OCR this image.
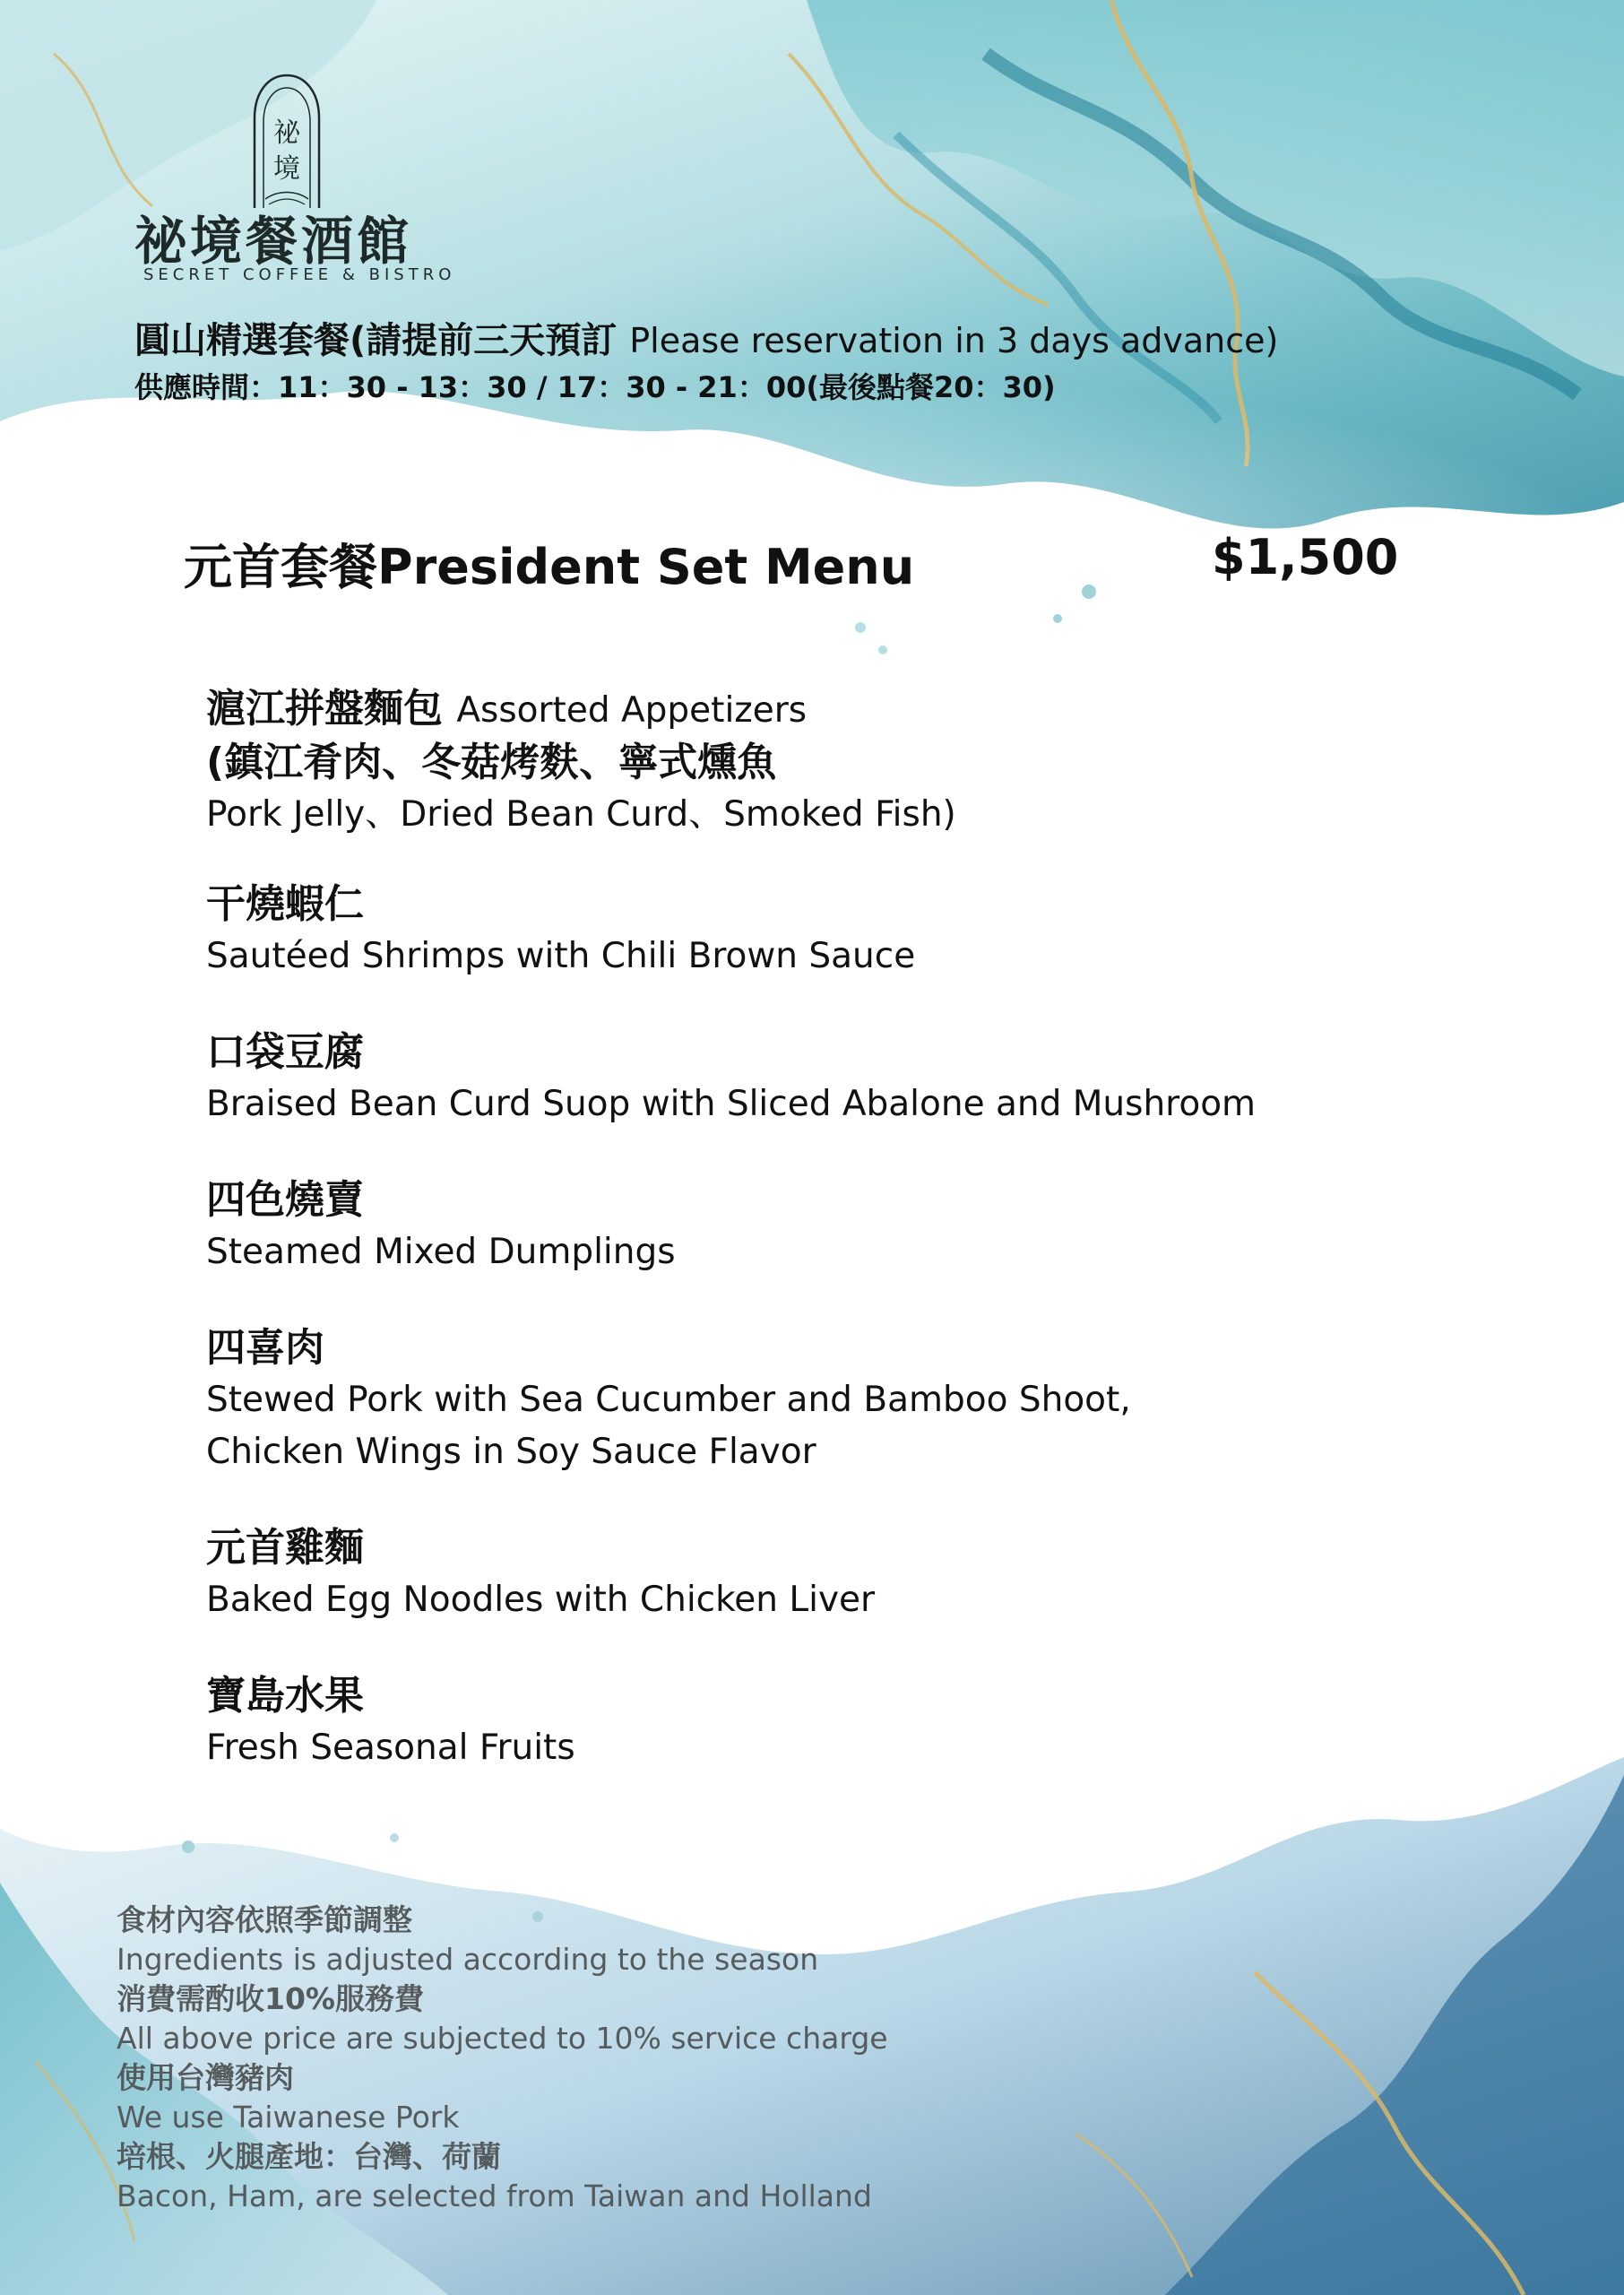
祕
境
祕境餐酒館
SECRET COFFEE & BISTRO
圓山精選套餐(請提前三天預訂 Please reservation in 3 days advance)
供應時間：11：30 - 13：30 / 17：30 - 21：00(最後點餐20：30)
元首套餐President Set Menu	$1,500
滬江拼盤麵包 Assorted Appetizers
(鎮江肴肉、冬菇烤麩、寧式燻魚
Pork Jelly、Dried Bean Curd、Smoked Fish)
干燒蝦仁
Sautéed Shrimps with Chili Brown Sauce
口袋豆腐
Braised Bean Curd Suop with Sliced Abalone and Mushroom
四色燒賣
Steamed Mixed Dumplings
四喜肉
Stewed Pork with Sea Cucumber and Bamboo Shoot,
Chicken Wings in Soy Sauce Flavor
元首雞麵
Baked Egg Noodles with Chicken Liver
寶島水果
Fresh Seasonal Fruits
食材內容依照季節調整
Ingredients is adjusted according to the season
消費需酌收10%服務費
All above price are subjected to 10% service charge
使用台灣豬肉
We use Taiwanese Pork
培根、火腿產地：台灣、荷蘭
Bacon, Ham, are selected from Taiwan and Holland
